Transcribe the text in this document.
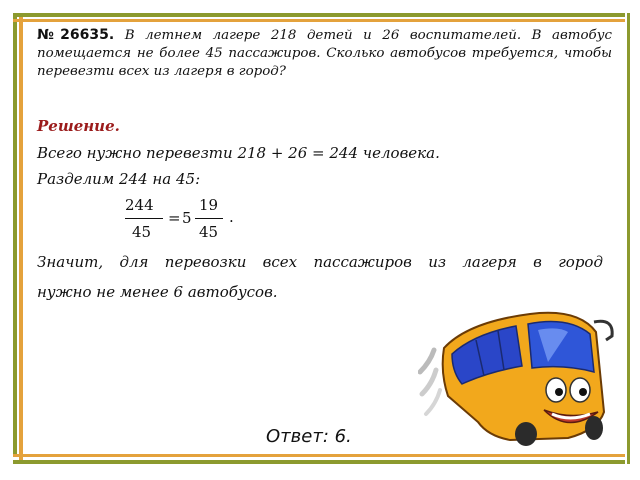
№26635. В летнем лагере 218 детей и 26 воспитателей. В автобус помещается не более 45 пассажиров. Сколько автобусов требуется, чтобы перевезти всех из лагеря в город?
Решение.
Всего нужно перевезти 218 + 26 = 244 человека.
Разделим 244 на 45:
244
45
= 5
19
45
.
Значит, для перевозки всех пассажиров из лагеря в город
нужно не менее 6 автобусов.
Ответ: 6.
